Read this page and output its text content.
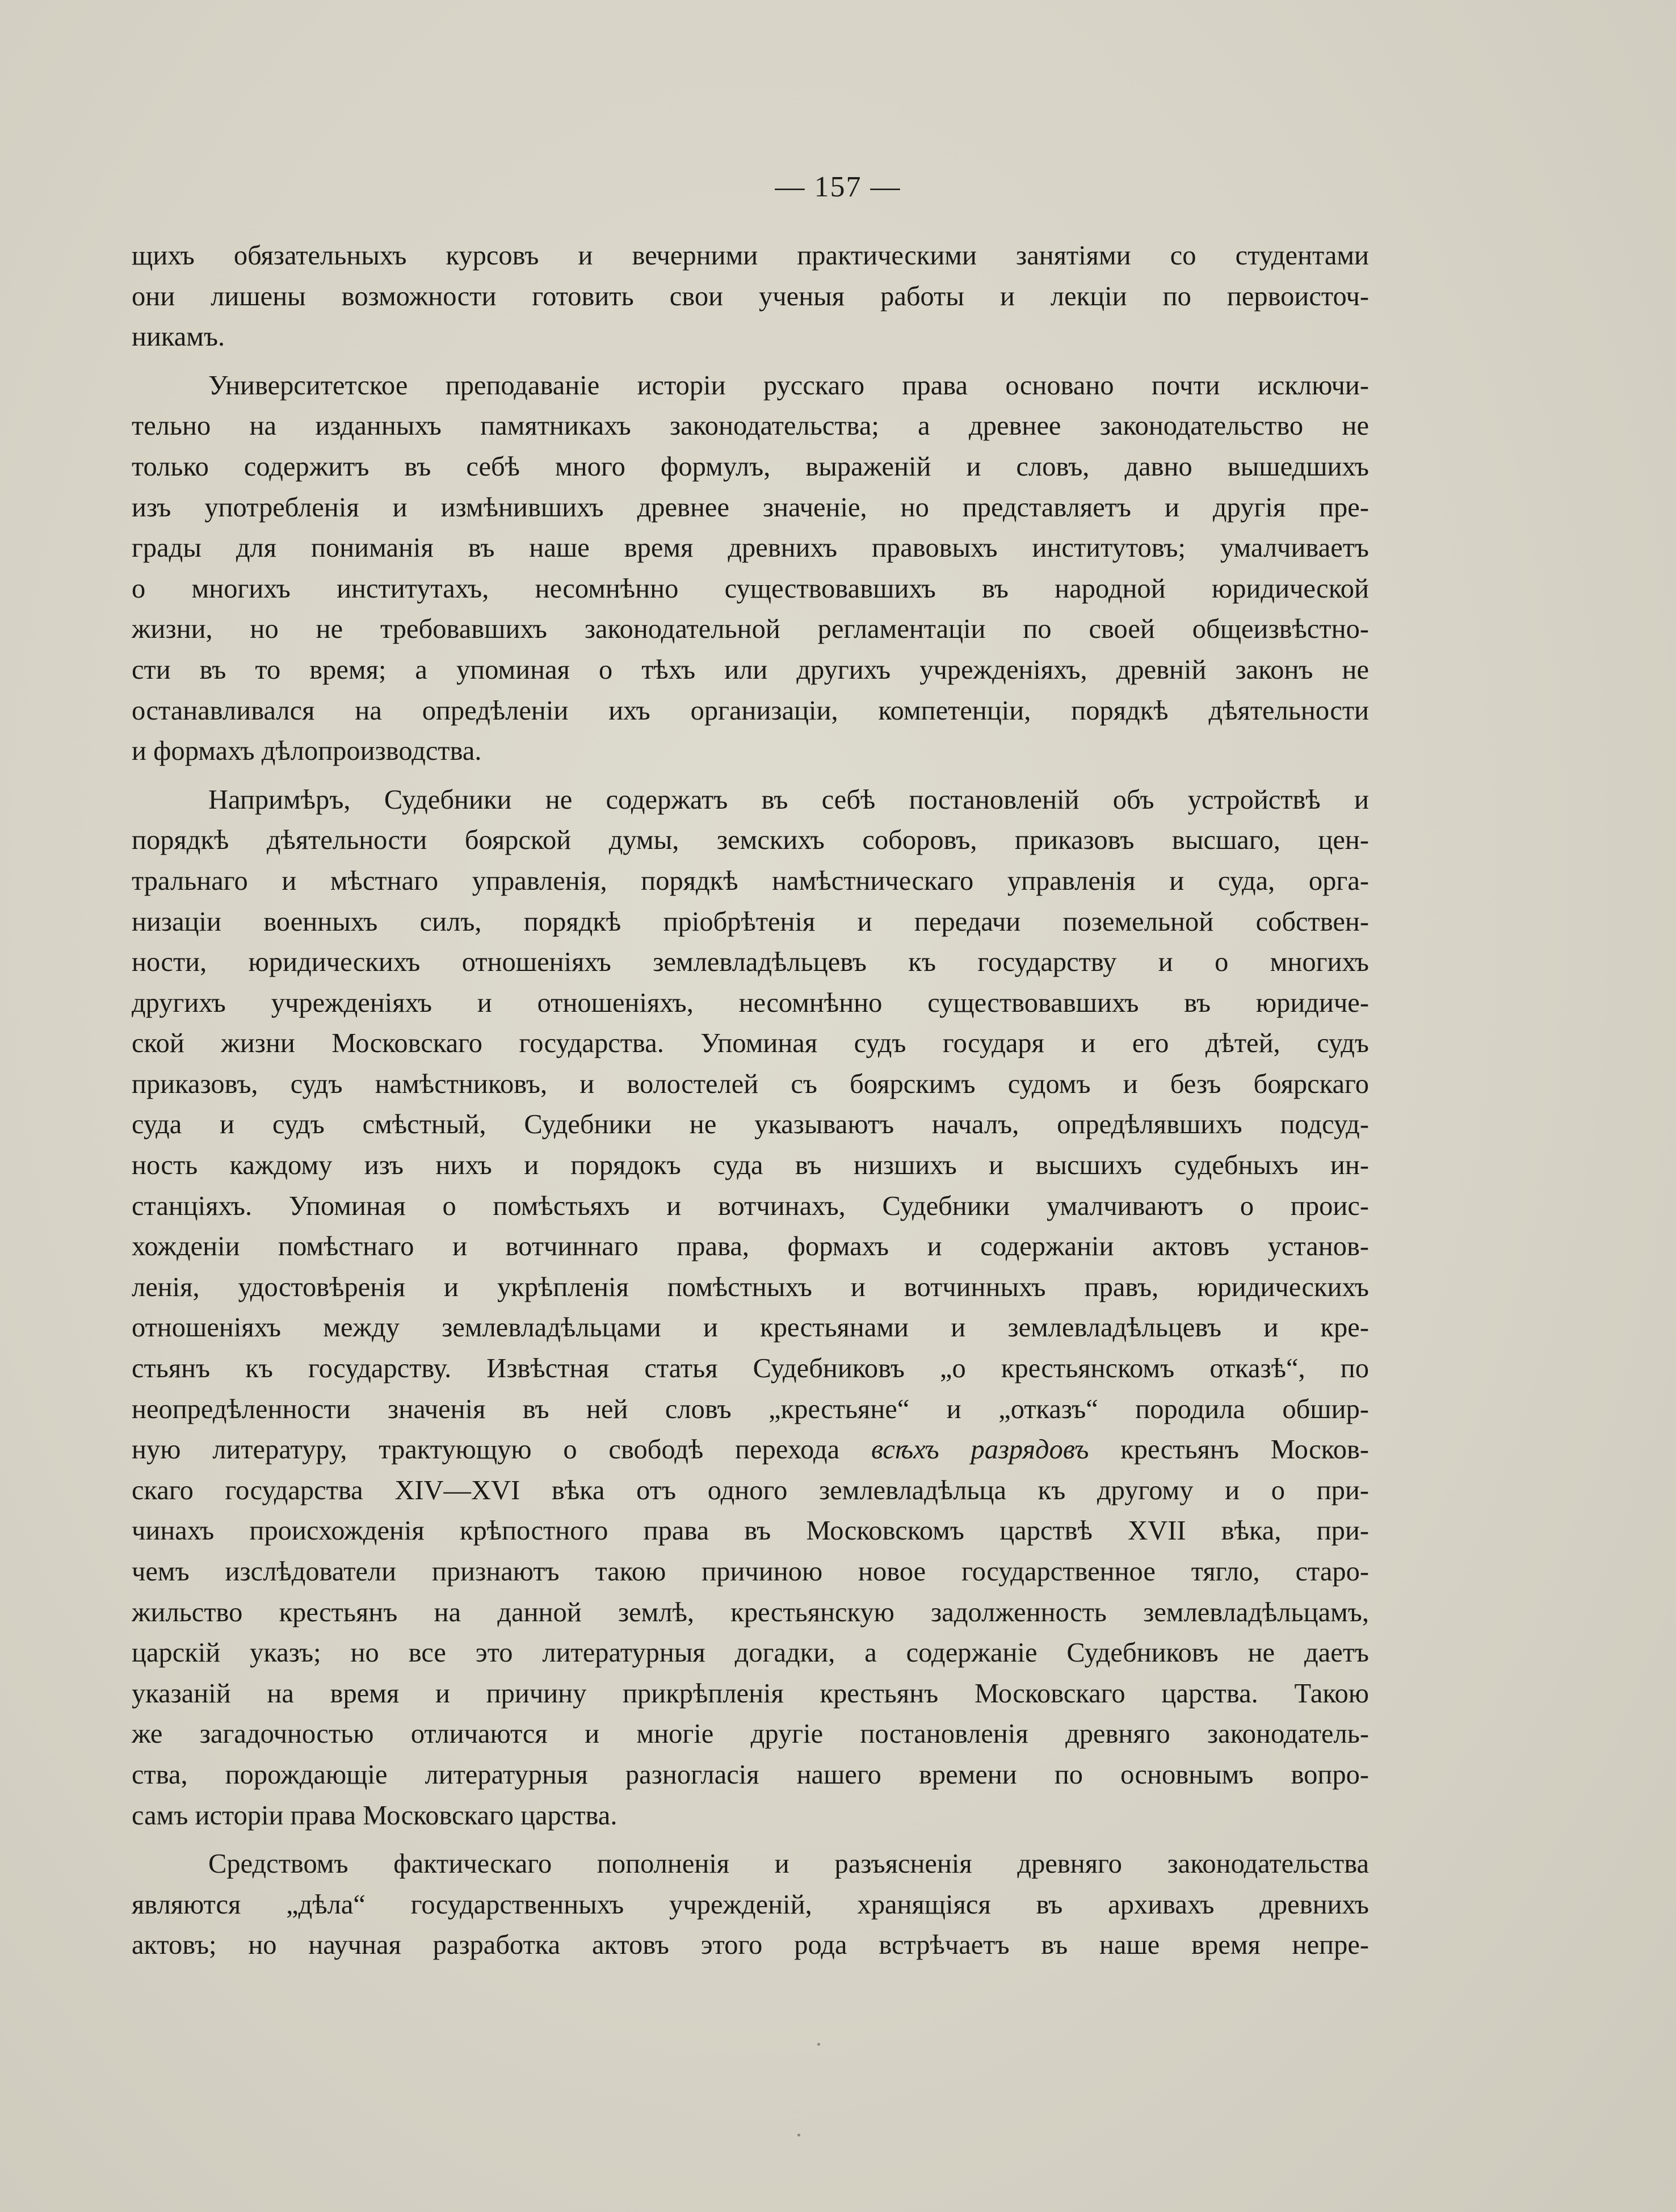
— 157 —
щихъ обязательныхъ курсовъ и вечерними практическими занятіями со студентами
они лишены возможности готовить свои ученыя работы и лекціи по первоисточ-
никамъ.
Университетское преподаваніе исторіи русскаго права основано почти исключи-
тельно на изданныхъ памятникахъ законодательства; а древнее законодательство не
только содержитъ въ себѣ много формулъ, выраженій и словъ, давно вышедшихъ
изъ употребленія и измѣнившихъ древнее значеніе, но представляетъ и другія пре-
грады для пониманія въ наше время древнихъ правовыхъ институтовъ; умалчиваетъ
о многихъ институтахъ, несомнѣнно существовавшихъ въ народной юридической
жизни, но не требовавшихъ законодательной регламентаціи по своей общеизвѣстно-
сти въ то время; а упоминая о тѣхъ или другихъ учрежденіяхъ, древній законъ не
останавливался на опредѣленіи ихъ организаціи, компетенціи, порядкѣ дѣятельности
и формахъ дѣлопроизводства.
Напримѣръ, Судебники не содержатъ въ себѣ постановленій объ устройствѣ и
порядкѣ дѣятельности боярской думы, земскихъ соборовъ, приказовъ высшаго, цен-
тральнаго и мѣстнаго управленія, порядкѣ намѣстническаго управленія и суда, орга-
низаціи военныхъ силъ, порядкѣ пріобрѣтенія и передачи поземельной собствен-
ности, юридическихъ отношеніяхъ землевладѣльцевъ къ государству и о многихъ
другихъ учрежденіяхъ и отношеніяхъ, несомнѣнно существовавшихъ въ юридиче-
ской жизни Московскаго государства. Упоминая судъ государя и его дѣтей, судъ
приказовъ, судъ намѣстниковъ, и волостелей съ боярскимъ судомъ и безъ боярскаго
суда и судъ смѣстный, Судебники не указываютъ началъ, опредѣлявшихъ подсуд-
ность каждому изъ нихъ и порядокъ суда въ низшихъ и высшихъ судебныхъ ин-
станціяхъ. Упоминая о помѣстьяхъ и вотчинахъ, Судебники умалчиваютъ о проис-
хожденіи помѣстнаго и вотчиннаго права, формахъ и содержаніи актовъ установ-
ленія, удостовѣренія и укрѣпленія помѣстныхъ и вотчинныхъ правъ, юридическихъ
отношеніяхъ между землевладѣльцами и крестьянами и землевладѣльцевъ и кре-
стьянъ къ государству. Извѣстная статья Судебниковъ „о крестьянскомъ отказѣ“, по
неопредѣленности значенія въ ней словъ „крестьяне“ и „отказъ“ породила обшир-
ную литературу, трактующую о свободѣ перехода всѣхъ разрядовъ крестьянъ Москов-
скаго государства XIV—XVI вѣка отъ одного землевладѣльца къ другому и о при-
чинахъ происхожденія крѣпостного права въ Московскомъ царствѣ XVII вѣка, при-
чемъ изслѣдователи признаютъ такою причиною новое государственное тягло, старо-
жильство крестьянъ на данной землѣ, крестьянскую задолженность землевладѣльцамъ,
царскій указъ; но все это литературныя догадки, а содержаніе Судебниковъ не даетъ
указаній на время и причину прикрѣпленія крестьянъ Московскаго царства. Такою
же загадочностью отличаются и многіе другіе постановленія древняго законодатель-
ства, порождающіе литературныя разногласія нашего времени по основнымъ вопро-
самъ исторіи права Московскаго царства.
Средствомъ фактическаго пополненія и разъясненія древняго законодательства
являются „дѣла“ государственныхъ учрежденій, хранящіяся въ архивахъ древнихъ
актовъ; но научная разработка актовъ этого рода встрѣчаетъ въ наше время непре-
